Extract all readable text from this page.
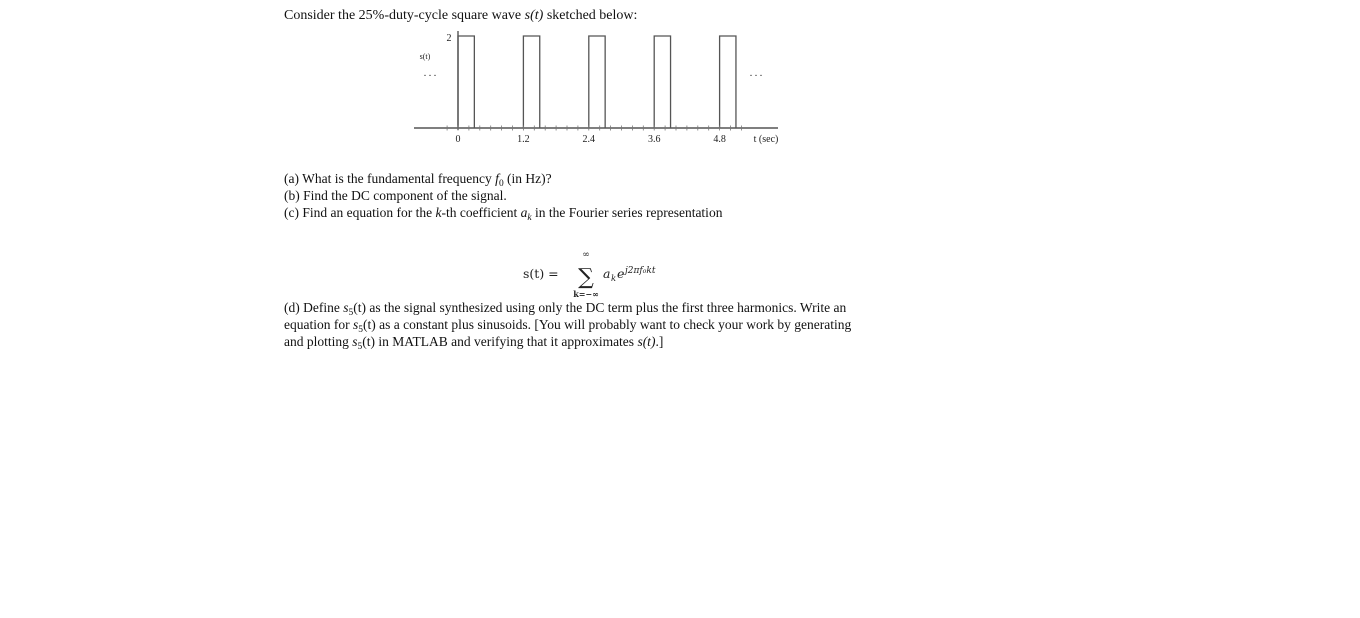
Consider the 25%-duty-cycle square wave s(t) sketched below:
2
s(t)
. . .	. . .
t (sec)
0	1.2	2.4	3.6	4.8
(a) What is the fundamental frequency $f_0$ (in Hz)?
(b) Find the DC component of the signal.
(c) Find an equation for the k-th coefficient $a_k$ in the Fourier series representation
s(t) =
∞
∑
k=−∞
a k e j2πf₀kt
(d) Define $s_5(t)$ as the signal synthesized using only the DC term plus the first three harmonics. Write an
equation for $s_5(t)$ as a constant plus sinusoids. [You will probably want to check your work by generating
and plotting $s_5(t)$ in MATLAB and verifying that it approximates s(t).]
